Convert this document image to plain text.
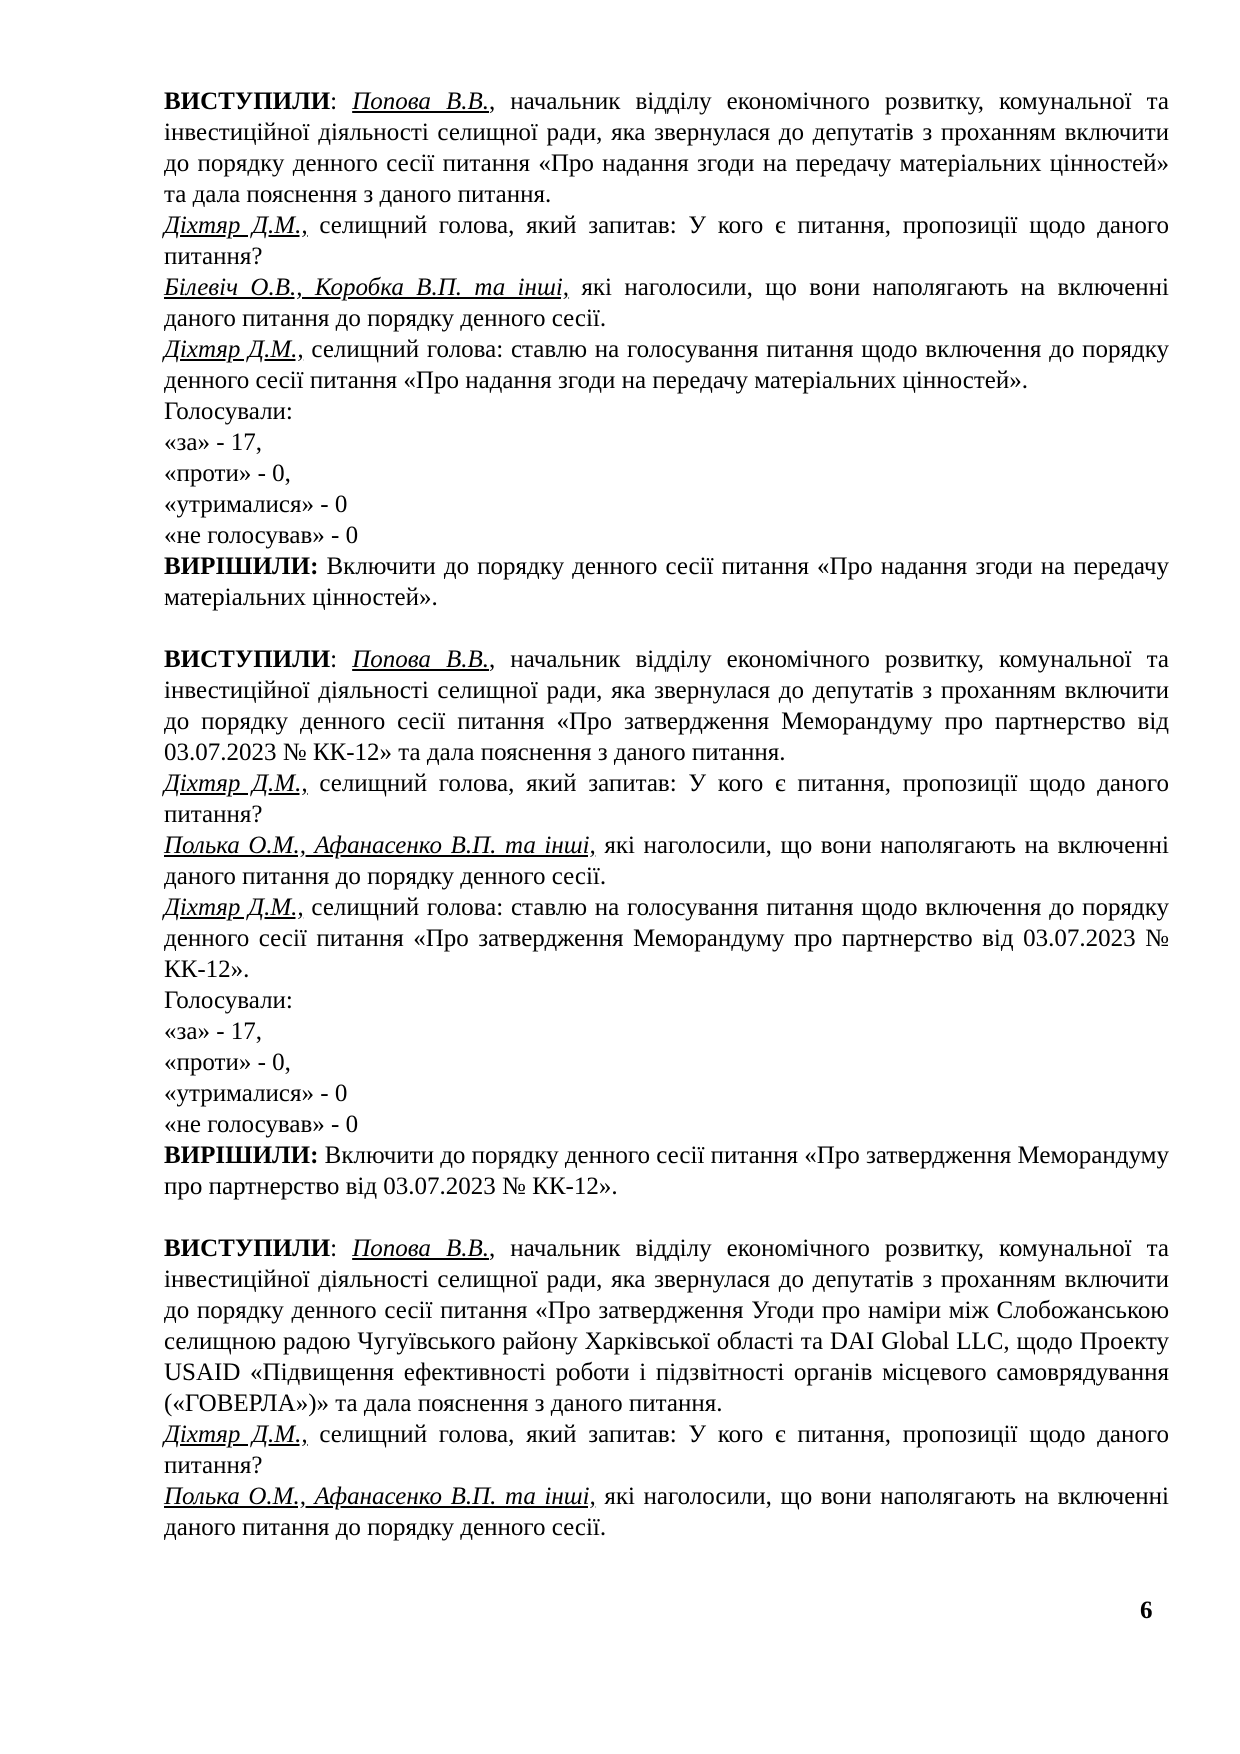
ВИСТУПИЛИ: Попова В.В., начальник відділу економічного розвитку, комунальної та інвестиційної діяльності селищної ради, яка звернулася до депутатів з проханням включити до порядку денного сесії питання «Про надання згоди на передачу матеріальних цінностей» та дала пояснення з даного питання.

Діхтяр Д.М., селищний голова, який запитав: У кого є питання, пропозиції щодо даного питання?

Білевіч О.В., Коробка В.П. та інші, які наголосили, що вони наполягають на включенні даного питання до порядку денного сесії.

Діхтяр Д.М., селищний голова: ставлю на голосування питання щодо включення до порядку денного сесії питання «Про надання згоди на передачу матеріальних цінностей».

Голосували:

«за» - 17,

«проти» - 0,

«утрималися» - 0

«не голосував» - 0

ВИРІШИЛИ: Включити до порядку денного сесії питання «Про надання згоди на передачу матеріальних цінностей».

ВИСТУПИЛИ: Попова В.В., начальник відділу економічного розвитку, комунальної та інвестиційної діяльності селищної ради, яка звернулася до депутатів з проханням включити до порядку денного сесії питання «Про затвердження Меморандуму про партнерство від 03.07.2023 № КК-12» та дала пояснення з даного питання.

Діхтяр Д.М., селищний голова, який запитав: У кого є питання, пропозиції щодо даного питання?

Полька О.М., Афанасенко В.П. та інші, які наголосили, що вони наполягають на включенні даного питання до порядку денного сесії.

Діхтяр Д.М., селищний голова: ставлю на голосування питання щодо включення до порядку денного сесії питання «Про затвердження Меморандуму про партнерство від 03.07.2023 № КК-12».

Голосували:

«за» - 17,

«проти» - 0,

«утрималися» - 0

«не голосував» - 0

ВИРІШИЛИ: Включити до порядку денного сесії питання «Про затвердження Меморандуму про партнерство від 03.07.2023 № КК-12».

ВИСТУПИЛИ: Попова В.В., начальник відділу економічного розвитку, комунальної та інвестиційної діяльності селищної ради, яка звернулася до депутатів з проханням включити до порядку денного сесії питання «Про затвердження Угоди про наміри між Слобожанською селищною радою Чугуївського району Харківської області та DAI Global LLC, щодо Проекту USAID «Підвищення ефективності роботи і підзвітності органів місцевого самоврядування («ГОВЕРЛА»)» та дала пояснення з даного питання.

Діхтяр Д.М., селищний голова, який запитав: У кого є питання, пропозиції щодо даного питання?

Полька О.М., Афанасенко В.П. та інші, які наголосили, що вони наполягають на включенні даного питання до порядку денного сесії.

6
